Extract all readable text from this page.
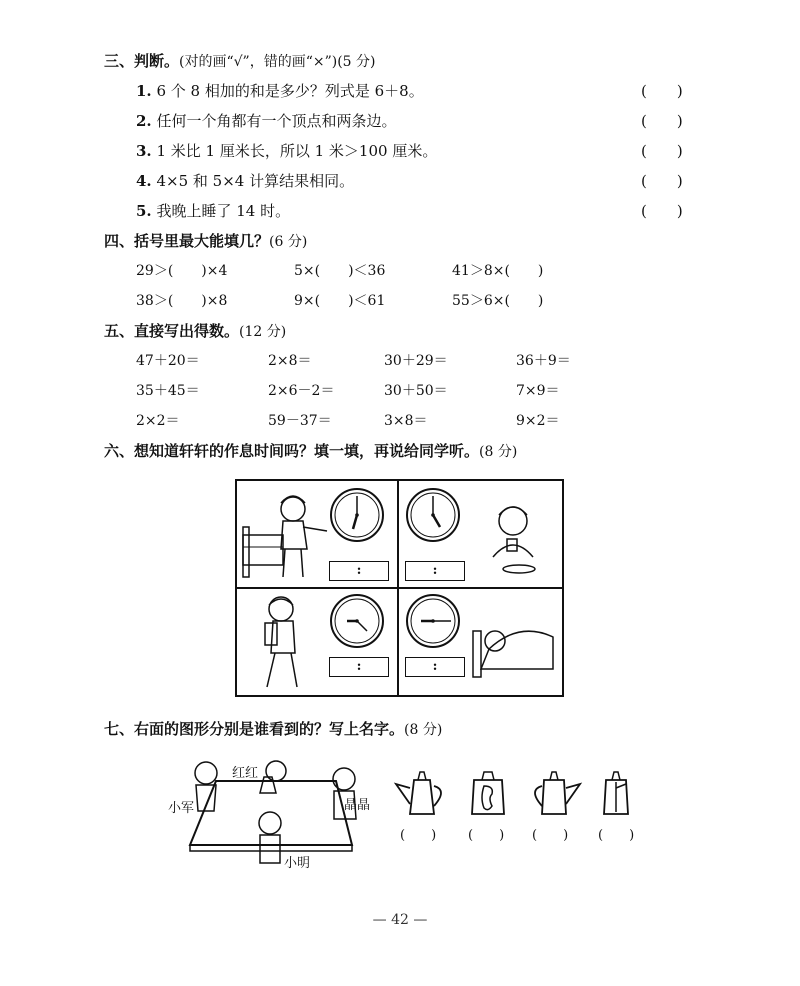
三、判断。(对的画“√”，错的画“×”)(5 分)
1. 6 个 8 相加的和是多少？列式是 6＋8。	(　　)
2. 任何一个角都有一个顶点和两条边。	(　　)
3. 1 米比 1 厘米长，所以 1 米＞100 厘米。	(　　)
4. 4×5 和 5×4 计算结果相同。	(　　)
5. 我晚上睡了 14 时。	(　　)
四、括号里最大能填几？(6 分)
29＞(　　)×4	5×(　　)＜36	41＞8×(　　)
38＞(　　)×8	9×(　　)＜61	55＞6×(　　)
五、直接写出得数。(12 分)
47＋20＝	2×8＝	30＋29＝	36＋9＝
35＋45＝	2×6－2＝	30＋50＝	7×9＝
2×2＝	59－37＝	3×8＝	9×2＝
六、想知道轩轩的作息时间吗？填一填，再说给同学听。(8 分)
:	:
:	:
七、右面的图形分别是谁看到的？写上名字。(8 分)
红红
小军	晶晶
小明
(　　) (　　) (　　) (　　)
— 42 —
